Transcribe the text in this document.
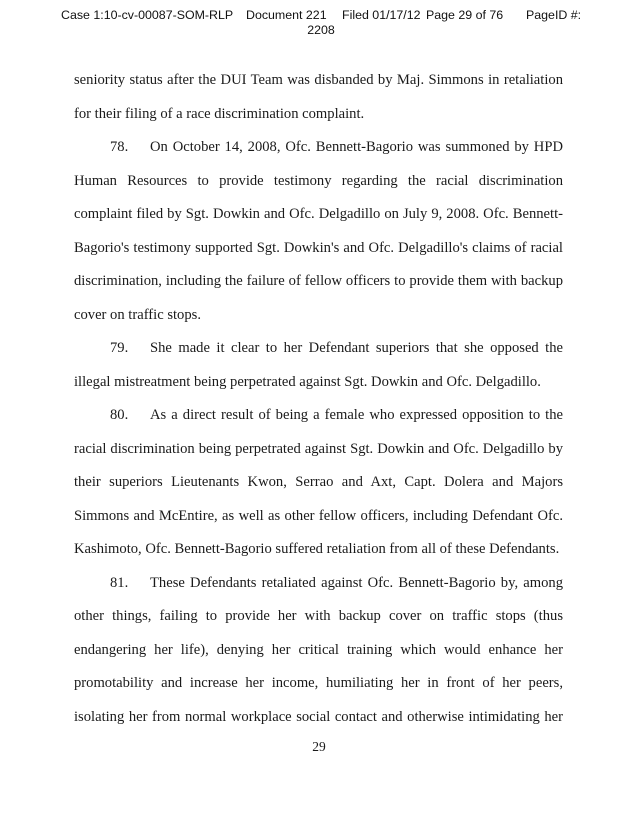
Case 1:10-cv-00087-SOM-RLP Document 221 Filed 01/17/12 Page 29 of 76 PageID #:
2208
seniority status after the DUI Team was disbanded by Maj. Simmons in retaliation
for their filing of a race discrimination complaint.
78. On October 14, 2008, Ofc. Bennett-Bagorio was summoned by HPD
Human Resources to provide testimony regarding the racial discrimination
complaint filed by Sgt. Dowkin and Ofc. Delgadillo on July 9, 2008. Ofc. Bennett-
Bagorio's testimony supported Sgt. Dowkin's and Ofc. Delgadillo's claims of racial
discrimination, including the failure of fellow officers to provide them with backup
cover on traffic stops.
79. She made it clear to her Defendant superiors that she opposed the
illegal mistreatment being perpetrated against Sgt. Dowkin and Ofc. Delgadillo.
80. As a direct result of being a female who expressed opposition to the
racial discrimination being perpetrated against Sgt. Dowkin and Ofc. Delgadillo by
their superiors Lieutenants Kwon, Serrao and Axt, Capt. Dolera and Majors
Simmons and McEntire, as well as other fellow officers, including Defendant Ofc.
Kashimoto, Ofc. Bennett-Bagorio suffered retaliation from all of these Defendants.
81. These Defendants retaliated against Ofc. Bennett-Bagorio by, among
other things, failing to provide her with backup cover on traffic stops (thus
endangering her life), denying her critical training which would enhance her
promotability and increase her income, humiliating her in front of her peers,
isolating her from normal workplace social contact and otherwise intimidating her
29
